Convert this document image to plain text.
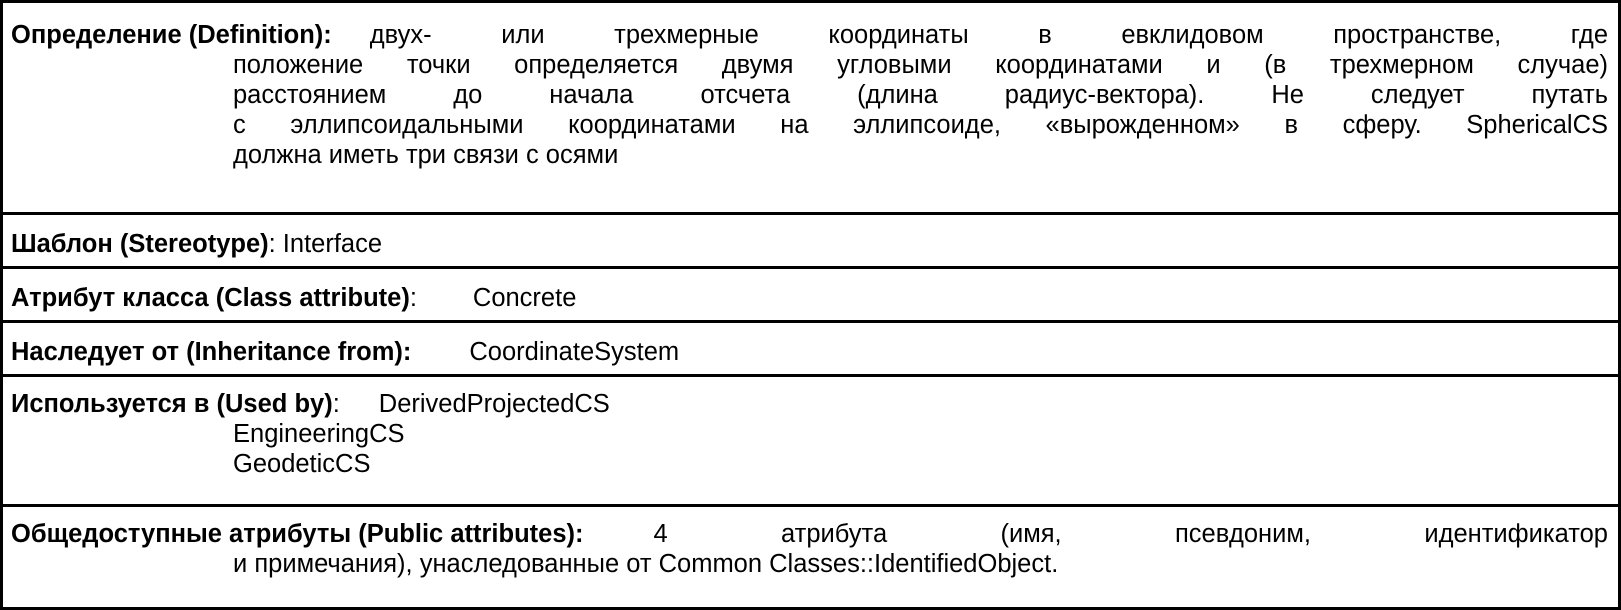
Определение (Definition): двух- или трехмерные координаты в евклидовом пространстве, где
положение точки определяется двумя угловыми координатами и (в трехмерном случае)
расстоянием до начала отсчета (длина радиус-вектора). Не следует путать
с эллипсоидальными координатами на эллипсоиде, «вырожденном» в сферу. SphericalCS
должна иметь три связи с осями
Шаблон (Stereotype): Interface
Атрибут класса (Class attribute): Concrete
Наследует от (Inheritance from): CoordinateSystem
Используется в (Used by): DerivedProjectedCS
EngineeringCS
GeodeticCS
Общедоступные атрибуты (Public attributes):	4 атрибута (имя, псевдоним, идентификатор
и примечания), унаследованные от Common Classes::IdentifiedObject.
